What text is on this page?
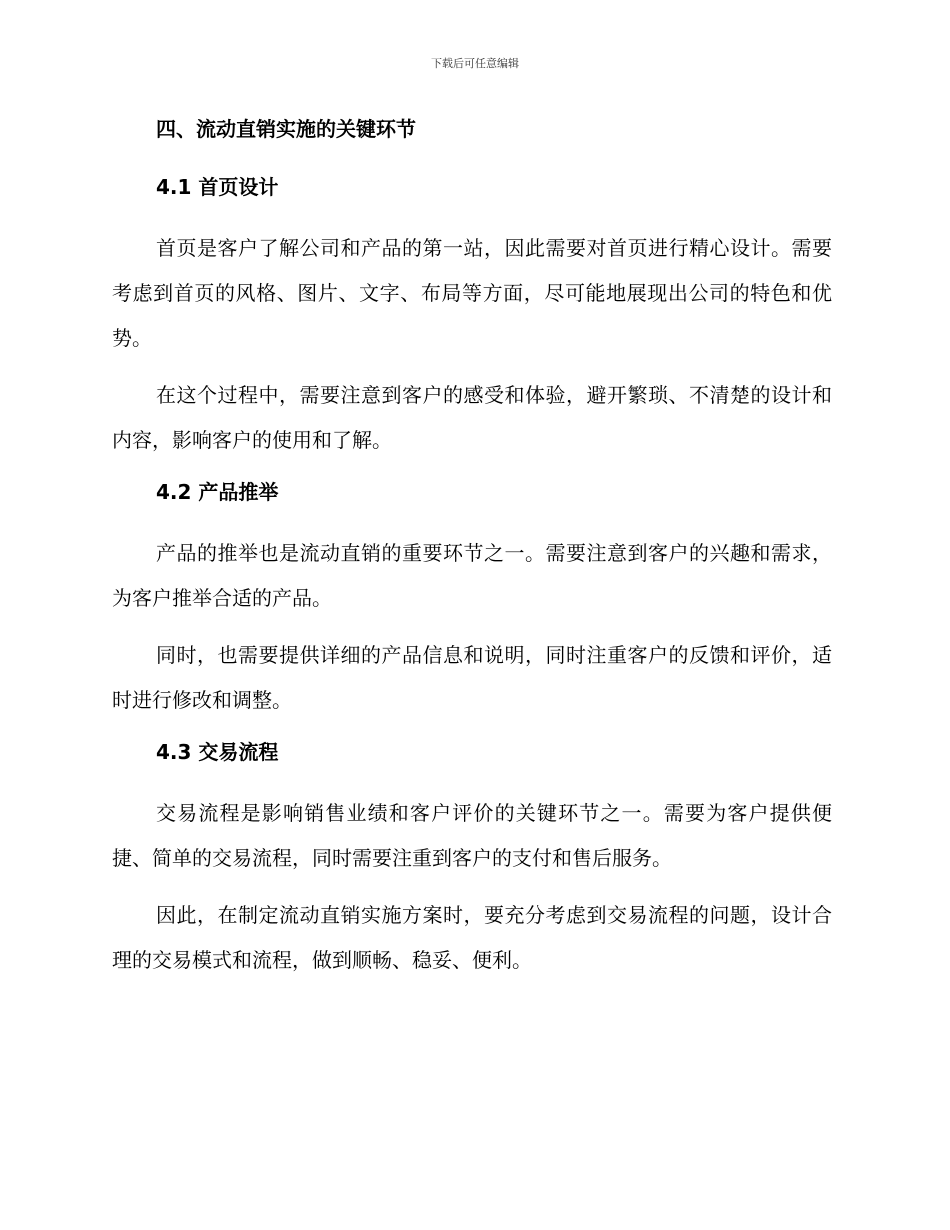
下载后可任意编辑
四、流动直销实施的关键环节
4.1 首页设计

首页是客户了解公司和产品的第一站，因此需要对首页进行精心设计。需要考虑到首页的风格、图片、文字、布局等方面，尽可能地展现出公司的特色和优势。

在这个过程中，需要注意到客户的感受和体验，避开繁琐、不清楚的设计和内容，影响客户的使用和了解。

4.2 产品推举

产品的推举也是流动直销的重要环节之一。需要注意到客户的兴趣和需求，为客户推举合适的产品。

同时，也需要提供详细的产品信息和说明，同时注重客户的反馈和评价，适时进行修改和调整。

4.3 交易流程

交易流程是影响销售业绩和客户评价的关键环节之一。需要为客户提供便捷、简单的交易流程，同时需要注重到客户的支付和售后服务。

因此，在制定流动直销实施方案时，要充分考虑到交易流程的问题，设计合理的交易模式和流程，做到顺畅、稳妥、便利。
